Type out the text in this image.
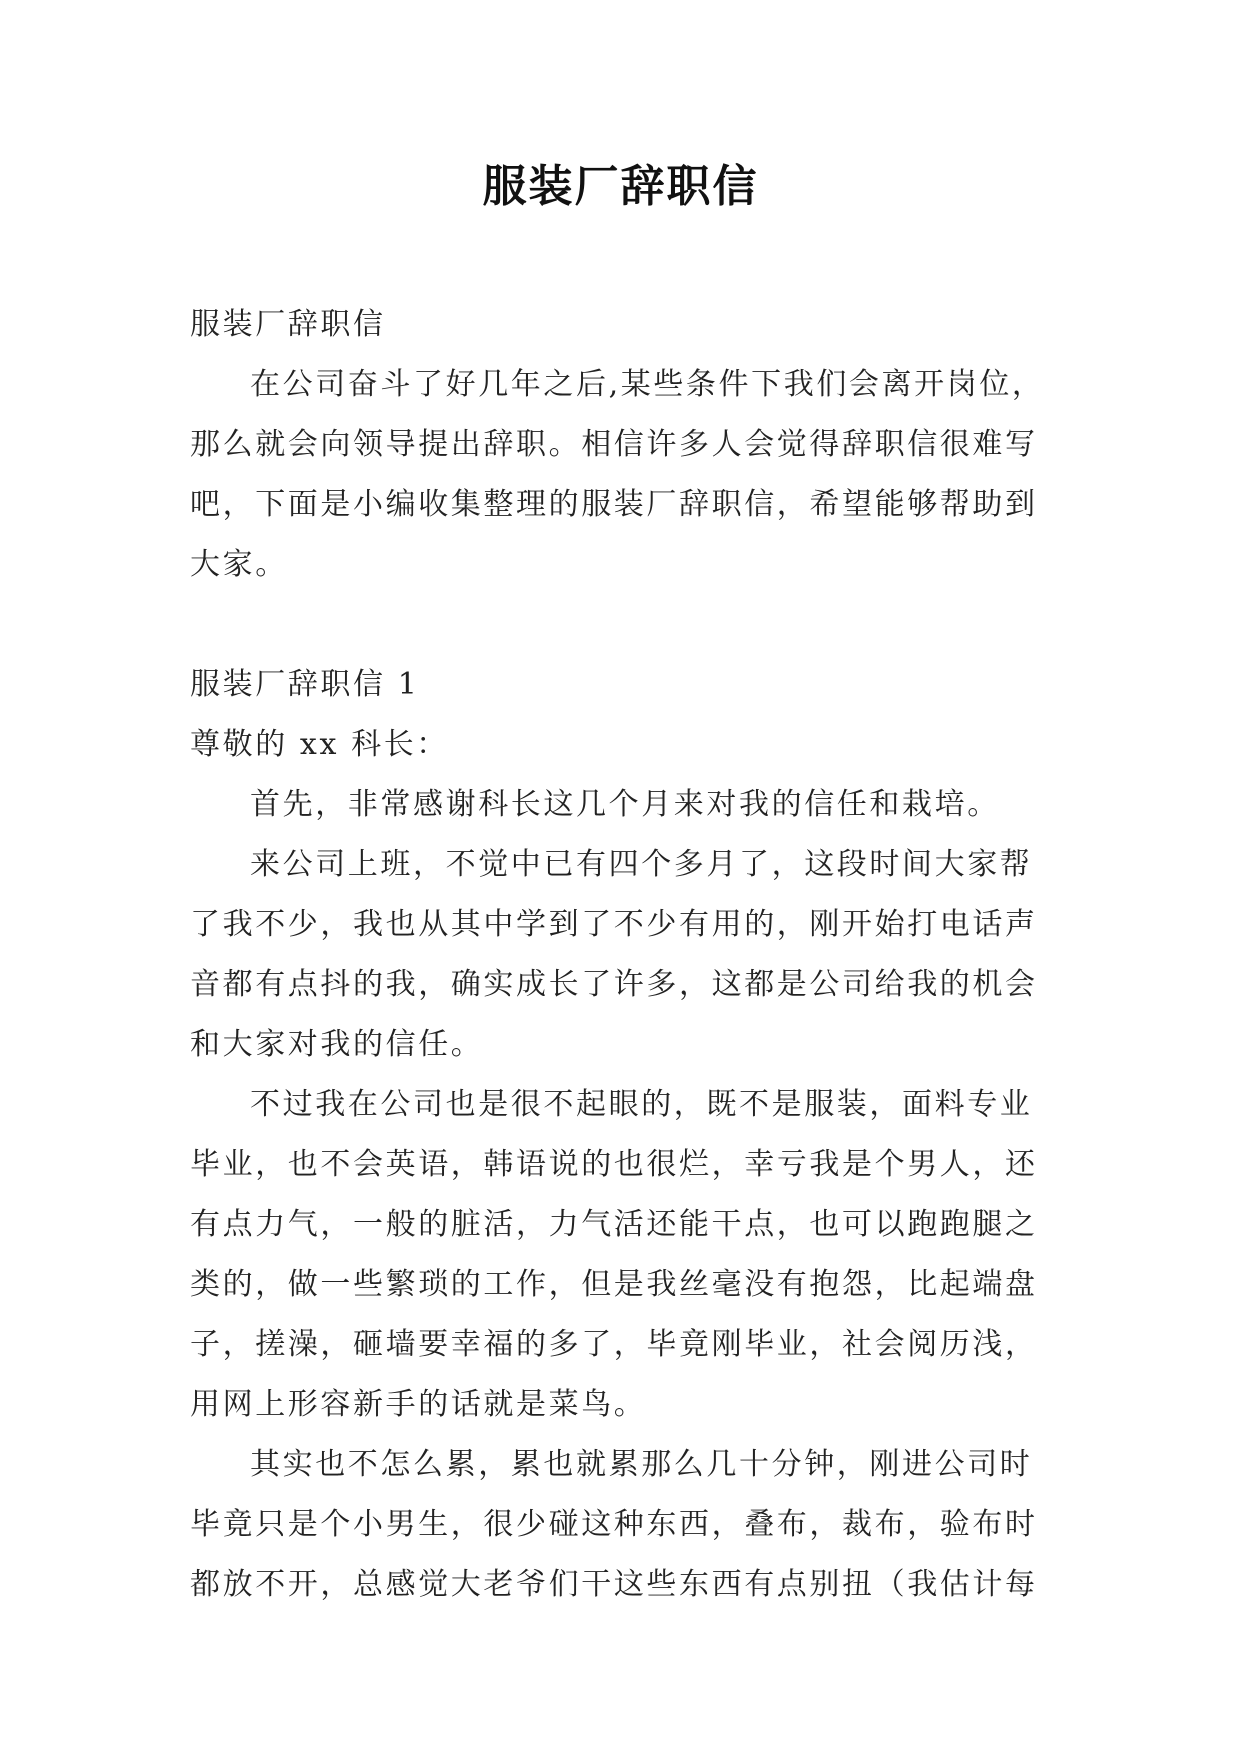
服装厂辞职信

服装厂辞职信

在公司奋斗了好几年之后,某些条件下我们会离开岗位，那么就会向领导提出辞职。相信许多人会觉得辞职信很难写吧，下面是小编收集整理的服装厂辞职信，希望能够帮助到大家。

服装厂辞职信 1

尊敬的 xx 科长：

首先，非常感谢科长这几个月来对我的信任和栽培。

来公司上班，不觉中已有四个多月了，这段时间大家帮了我不少，我也从其中学到了不少有用的，刚开始打电话声音都有点抖的我，确实成长了许多，这都是公司给我的机会和大家对我的信任。

不过我在公司也是很不起眼的，既不是服装，面料专业毕业，也不会英语，韩语说的也很烂，幸亏我是个男人，还有点力气，一般的脏活，力气活还能干点，也可以跑跑腿之类的，做一些繁琐的工作，但是我丝毫没有抱怨，比起端盘子，搓澡，砸墙要幸福的多了，毕竟刚毕业，社会阅历浅，用网上形容新手的话就是菜鸟。

其实也不怎么累，累也就累那么几十分钟，刚进公司时毕竟只是个小男生，很少碰这种东西，叠布，裁布，验布时都放不开，总感觉大老爷们干这些东西有点别扭（我估计每
